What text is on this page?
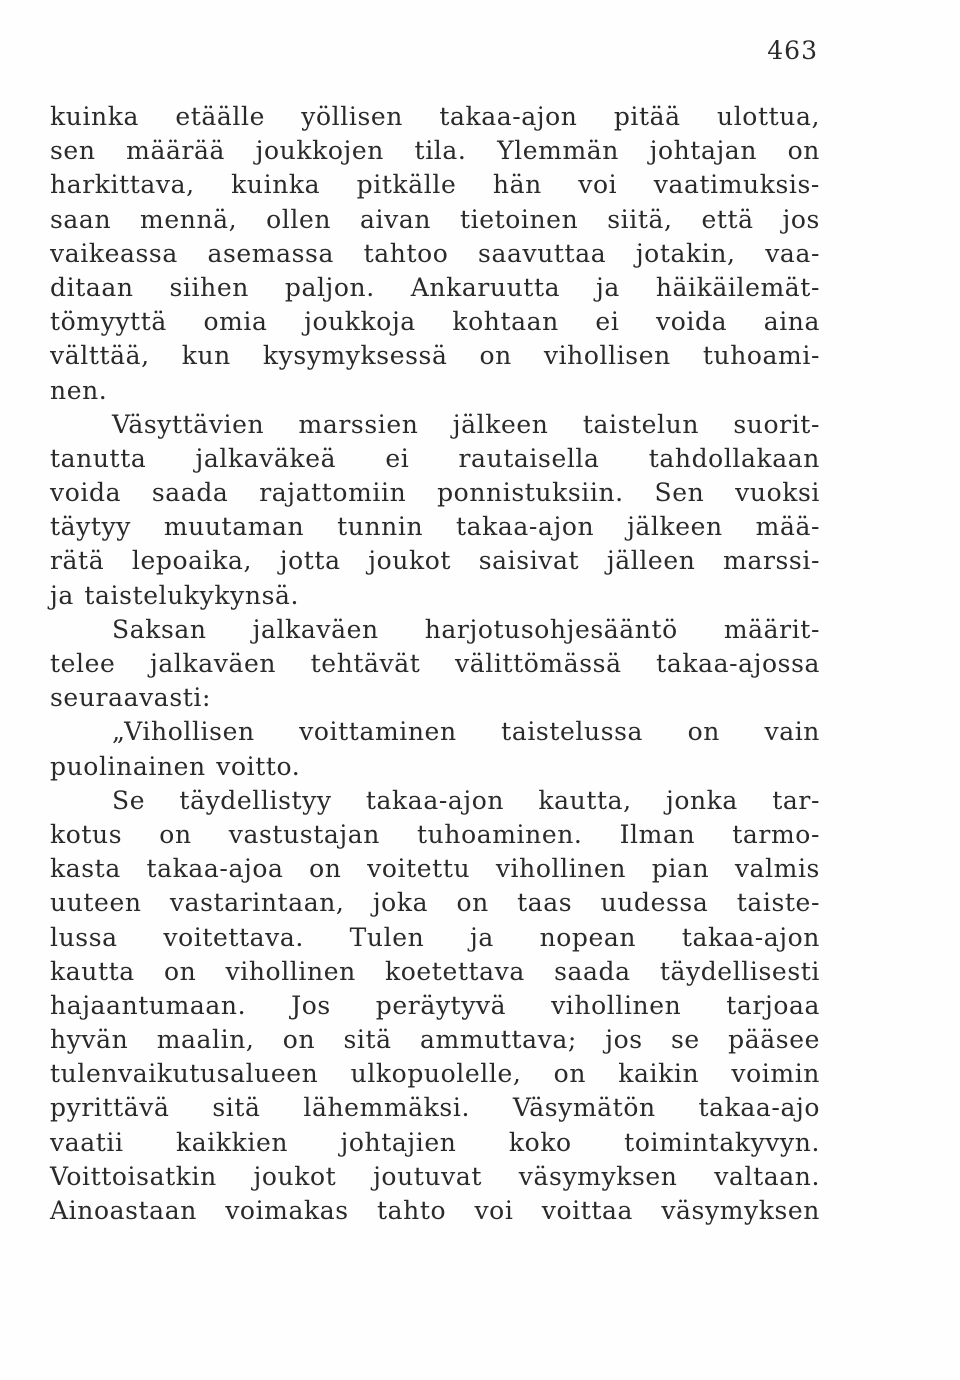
463
kuinka etäälle yöllisen takaa-ajon pitää ulottua,
sen määrää joukkojen tila. Ylemmän johtajan on
harkittava, kuinka pitkälle hän voi vaatimuksis-
saan mennä, ollen aivan tietoinen siitä, että jos
vaikeassa asemassa tahtoo saavuttaa jotakin, vaa-
ditaan siihen paljon. Ankaruutta ja häikäilemät-
tömyyttä omia joukkoja kohtaan ei voida aina
välttää, kun kysymyksessä on vihollisen tuhoami-
nen.
Väsyttävien marssien jälkeen taistelun suorit-
tanutta jalkaväkeä ei rautaisella tahdollakaan
voida saada rajattomiin ponnistuksiin. Sen vuoksi
täytyy muutaman tunnin takaa-ajon jälkeen mää-
rätä lepoaika, jotta joukot saisivat jälleen marssi-
ja taistelukykynsä.
Saksan jalkaväen harjotusohjesääntö määrit-
telee jalkaväen tehtävät välittömässä takaa-ajossa
seuraavasti:
„Vihollisen voittaminen taistelussa on vain
puolinainen voitto.
Se täydellistyy takaa-ajon kautta, jonka tar-
kotus on vastustajan tuhoaminen. Ilman tarmo-
kasta takaa-ajoa on voitettu vihollinen pian valmis
uuteen vastarintaan, joka on taas uudessa taiste-
lussa voitettava. Tulen ja nopean takaa-ajon
kautta on vihollinen koetettava saada täydellisesti
hajaantumaan. Jos peräytyvä vihollinen tarjoaa
hyvän maalin, on sitä ammuttava; jos se pääsee
tulenvaikutusalueen ulkopuolelle, on kaikin voimin
pyrittävä sitä lähemmäksi. Väsymätön takaa-ajo
vaatii kaikkien johtajien koko toimintakyvyn.
Voittoisatkin joukot joutuvat väsymyksen valtaan.
Ainoastaan voimakas tahto voi voittaa väsymyksen
